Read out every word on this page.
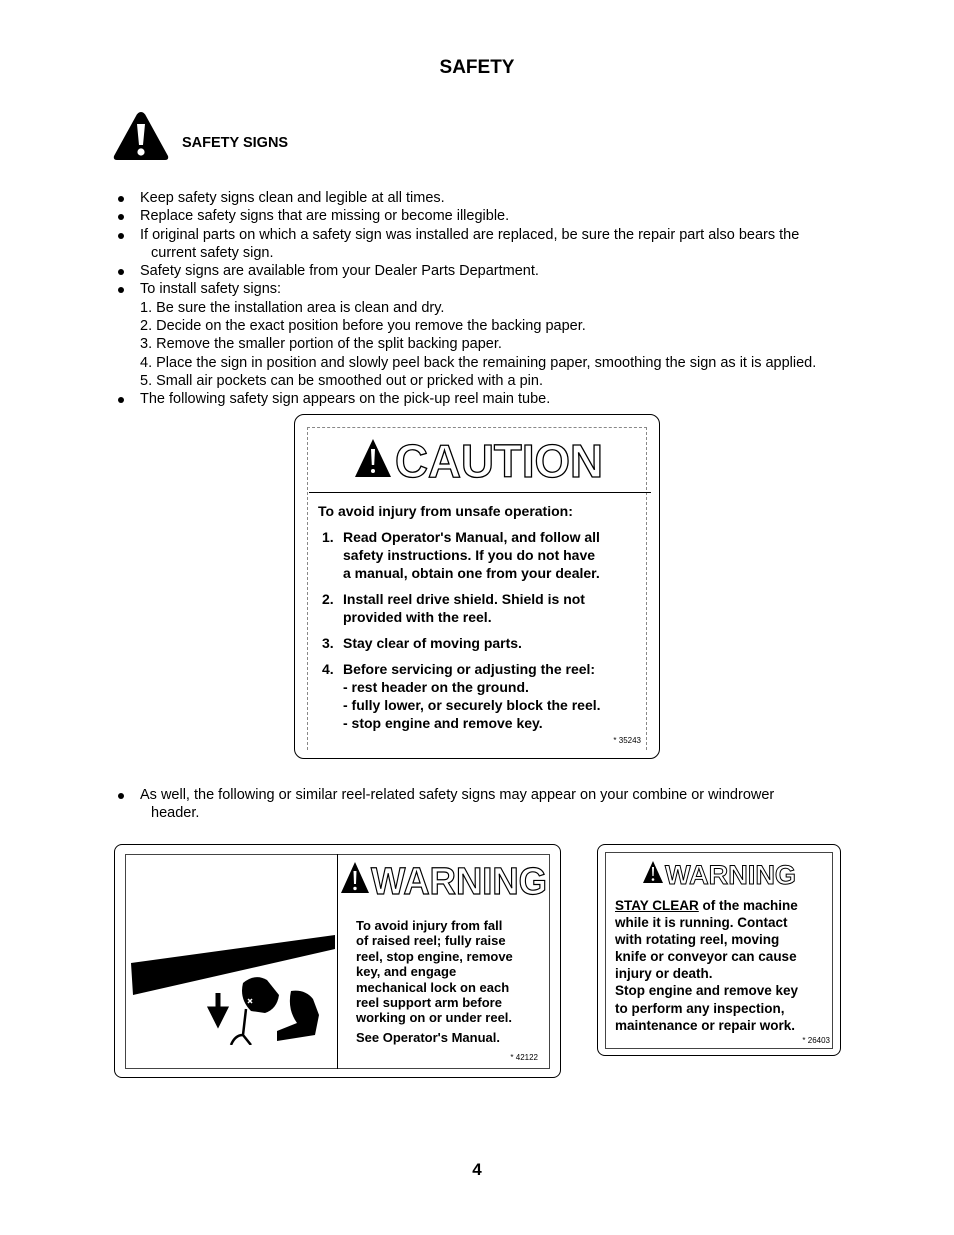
SAFETY
SAFETY SIGNS
Keep safety signs clean and legible at all times.
Replace safety signs that are missing or become illegible.
If original parts on which a safety sign was installed are replaced, be sure the repair part also bears the
current safety sign.
Safety signs are available from your Dealer Parts Department.
To install safety signs:
1. Be sure the installation area is clean and dry.
2. Decide on the exact position before you remove the backing paper.
3. Remove the smaller portion of the split backing paper.
4. Place the sign in position and slowly peel back the remaining paper, smoothing the sign as it is applied.
5. Small air pockets can be smoothed out or pricked with a pin.
The following safety sign appears on the pick-up reel main tube.
CAUTION
To avoid injury from unsafe operation:
1. Read Operator's Manual, and follow all
safety instructions. If you do not have
a manual, obtain one from your dealer.
2. Install reel drive shield. Shield is not
provided with the reel.
3. Stay clear of moving parts.
4. Before servicing or adjusting the reel:
- rest header on the ground.
- fully lower, or securely block the reel.
- stop engine and remove key.
* 35243
As well, the following or similar reel-related safety signs may appear on your combine or windrower
header.
WARNING
To avoid injury from fall
of raised reel; fully raise
reel, stop engine, remove
key, and engage
mechanical lock on each
reel support arm before
working on or under reel.
See Operator's Manual.
* 42122
WARNING
STAY CLEAR of the machine
while it is running. Contact
with rotating reel, moving
knife or conveyor can cause
injury or death.
Stop engine and remove key
to perform any inspection,
maintenance or repair work.
* 26403
4
